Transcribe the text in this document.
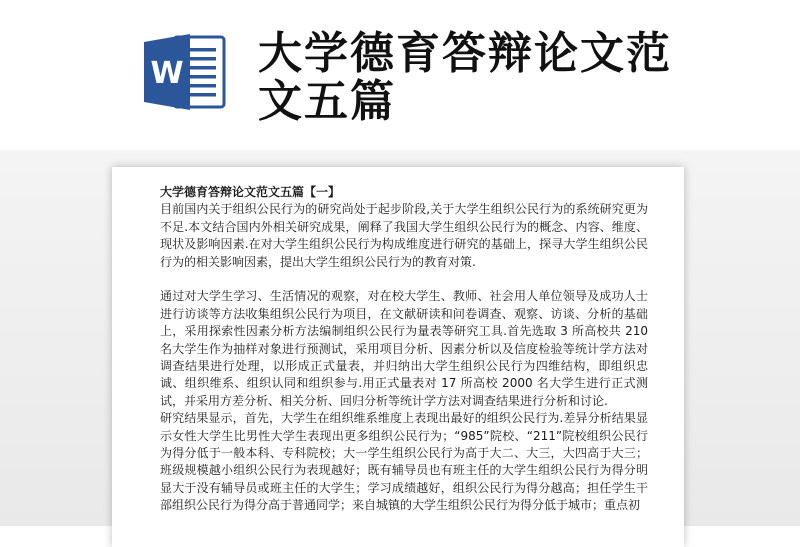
W 大学德育答辩论文范文五篇

大学德育答辩论文范文五篇【一】

目前国内关于组织公民行为的研究尚处于起步阶段,关于大学生组织公民行为的系统研究更为不足.本文结合国内外相关研究成果，阐释了我国大学生组织公民行为的概念、内容、维度、现状及影响因素.在对大学生组织公民行为构成维度进行研究的基础上，探寻大学生组织公民行为的相关影响因素，提出大学生组织公民行为的教育对策.

通过对大学生学习、生活情况的观察，对在校大学生、教师、社会用人单位领导及成功人士进行访谈等方法收集组织公民行为项目，在文献研读和问卷调查、观察、访谈、分析的基础上，采用探索性因素分析方法编制组织公民行为量表等研究工具.首先选取 3 所高校共 210 名大学生作为抽样对象进行预测试，采用项目分析、因素分析以及信度检验等统计学方法对调查结果进行处理，以形成正式量表，并归纳出大学生组织公民行为四维结构，即组织忠诚、组织维系、组织认同和组织参与.用正式量表对 17 所高校 2000 名大学生进行正式测试，并采用方差分析、相关分析、回归分析等统计学方法对调查结果进行分析和讨论.

研究结果显示，首先，大学生在组织维系维度上表现出最好的组织公民行为.差异分析结果显示女性大学生比男性大学生表现出更多组织公民行为；“985”院校、“211”院校组织公民行为得分低于一般本科、专科院校；大一学生组织公民行为高于大二、大三，大四高于大三；班级规模越小组织公民行为表现越好；既有辅导员也有班主任的大学生组织公民行为得分明显大于没有辅导员或班主任的大学生；学习成绩越好，组织公民行为得分越高；担任学生干部组织公民行为得分高于普通同学；来自城镇的大学生组织公民行为得分低于城市；重点初
